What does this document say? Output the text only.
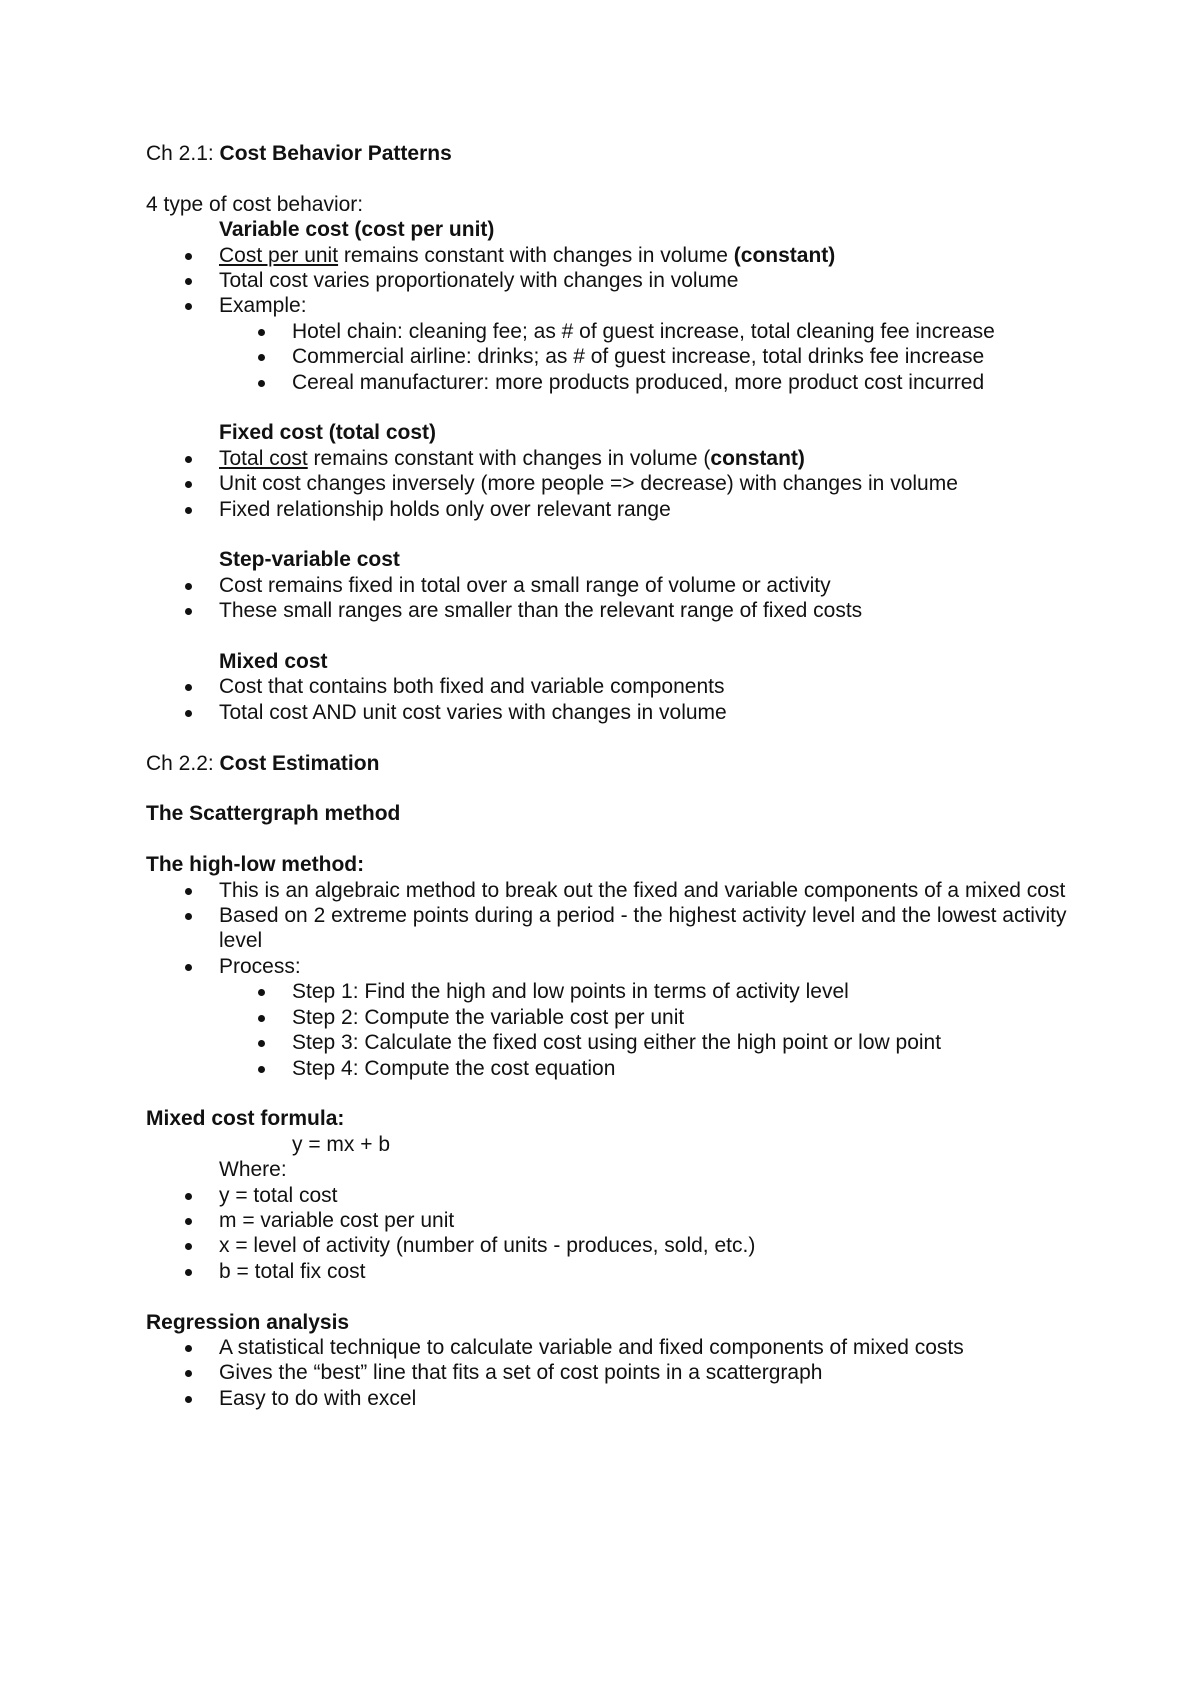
Ch 2.1: Cost Behavior Patterns
4 type of cost behavior:
Variable cost (cost per unit)
Cost per unit remains constant with changes in volume (constant)
Total cost varies proportionately with changes in volume
Example:
Hotel chain: cleaning fee; as # of guest increase, total cleaning fee increase
Commercial airline: drinks; as # of guest increase, total drinks fee increase
Cereal manufacturer: more products produced, more product cost incurred
Fixed cost (total cost)
Total cost remains constant with changes in volume (constant)
Unit cost changes inversely (more people => decrease) with changes in volume
Fixed relationship holds only over relevant range
Step-variable cost
Cost remains fixed in total over a small range of volume or activity
These small ranges are smaller than the relevant range of fixed costs
Mixed cost
Cost that contains both fixed and variable components
Total cost AND unit cost varies with changes in volume
Ch 2.2: Cost Estimation
The Scattergraph method
The high-low method:
This is an algebraic method to break out the fixed and variable components of a mixed cost
Based on 2 extreme points during a period - the highest activity level and the lowest activity level
Process:
Step 1: Find the high and low points in terms of activity level
Step 2: Compute the variable cost per unit
Step 3: Calculate the fixed cost using either the high point or low point
Step 4: Compute the cost equation
Mixed cost formula:
y = mx + b
Where:
y = total cost
m = variable cost per unit
x = level of activity (number of units - produces, sold, etc.)
b = total fix cost
Regression analysis
A statistical technique to calculate variable and fixed components of mixed costs
Gives the “best” line that fits a set of cost points in a scattergraph
Easy to do with excel
